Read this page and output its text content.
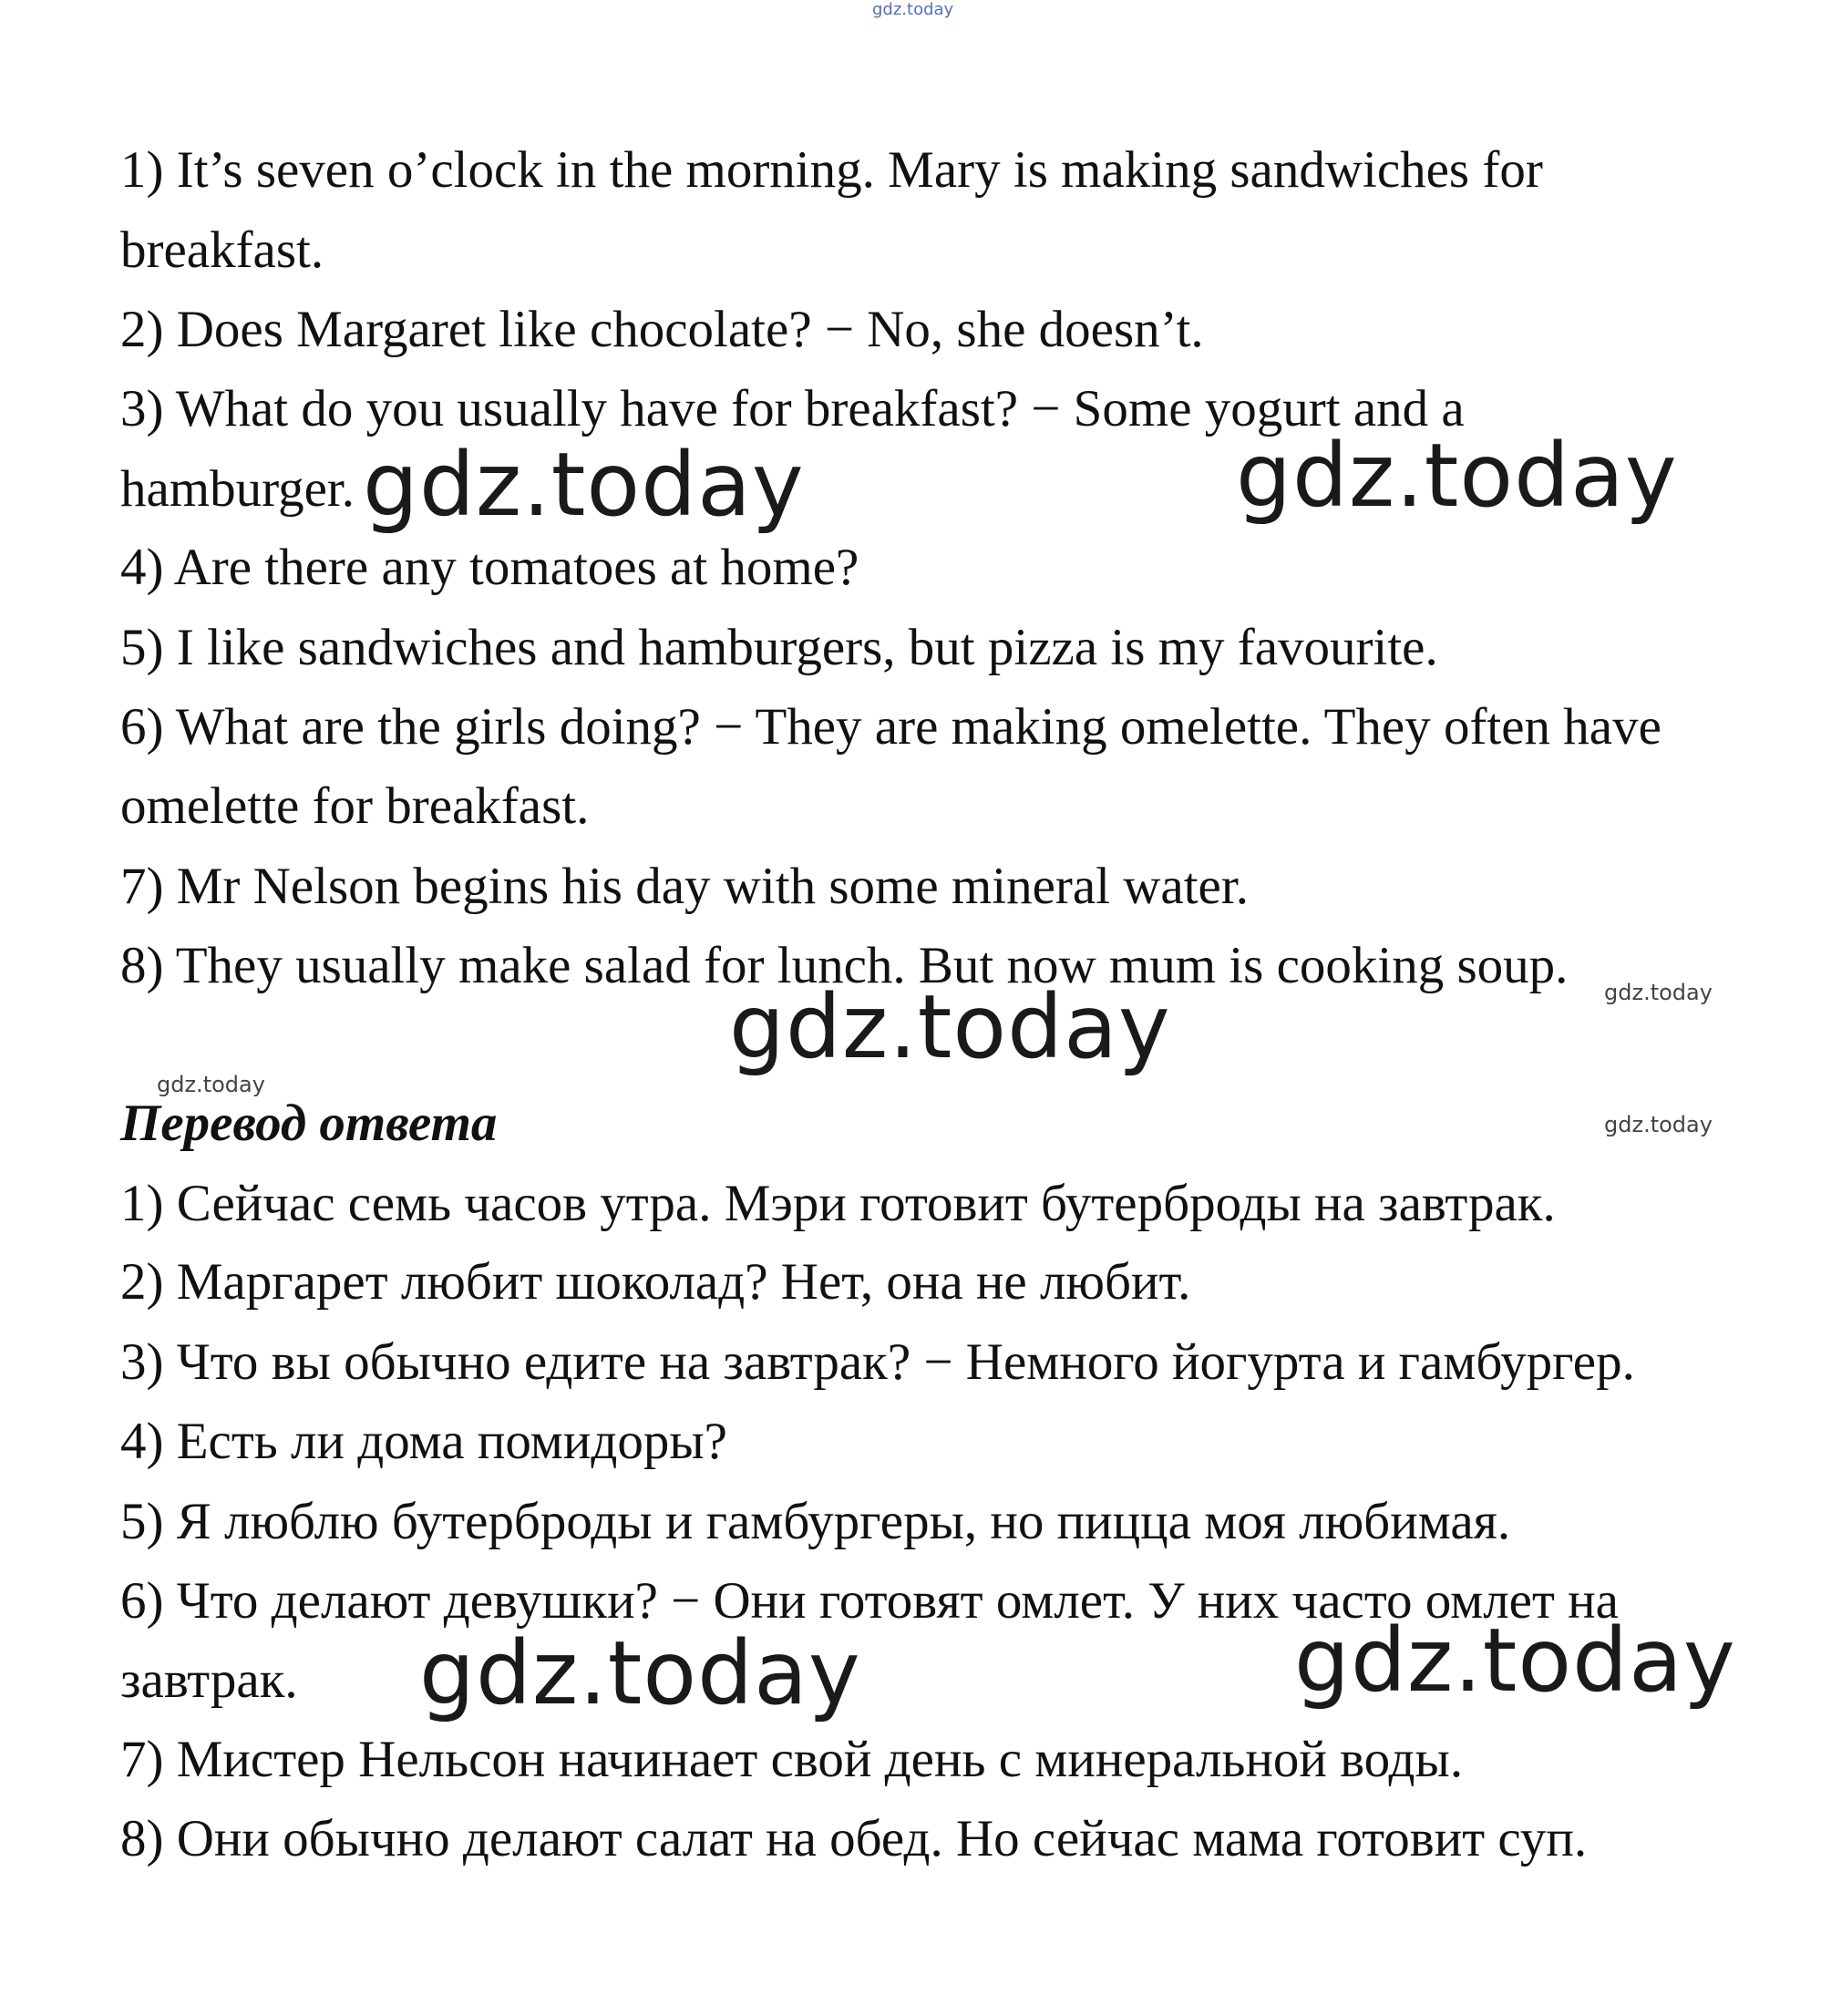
gdz.today

1) It’s seven o’clock in the morning. Mary is making sandwiches for

breakfast.

2) Does Margaret like chocolate? − No, she doesn’t.

3) What do you usually have for breakfast? − Some yogurt and a

hamburger.

4) Are there any tomatoes at home?

5) I like sandwiches and hamburgers, but pizza is my favourite.

6) What are the girls doing? − They are making omelette. They often have

omelette for breakfast.

7) Mr Nelson begins his day with some mineral water.

8) They usually make salad for lunch. But now mum is cooking soup.

Перевод ответа

1) Сейчас семь часов утра. Мэри готовит бутерброды на завтрак.

2) Маргарет любит шоколад? Нет, она не любит.

3) Что вы обычно едите на завтрак? − Немного йогурта и гамбургер.

4) Есть ли дома помидоры?

5) Я люблю бутерброды и гамбургеры, но пицца моя любимая.

6) Что делают девушки? − Они готовят омлет. У них часто омлет на

завтрак.

7) Мистер Нельсон начинает свой день с минеральной воды.

8) Они обычно делают салат на обед. Но сейчас мама готовит суп.

gdz.today	gdz.today
gdz.today
gdz.today	gdz.today
gdz.today
gdz.today
gdz.today
